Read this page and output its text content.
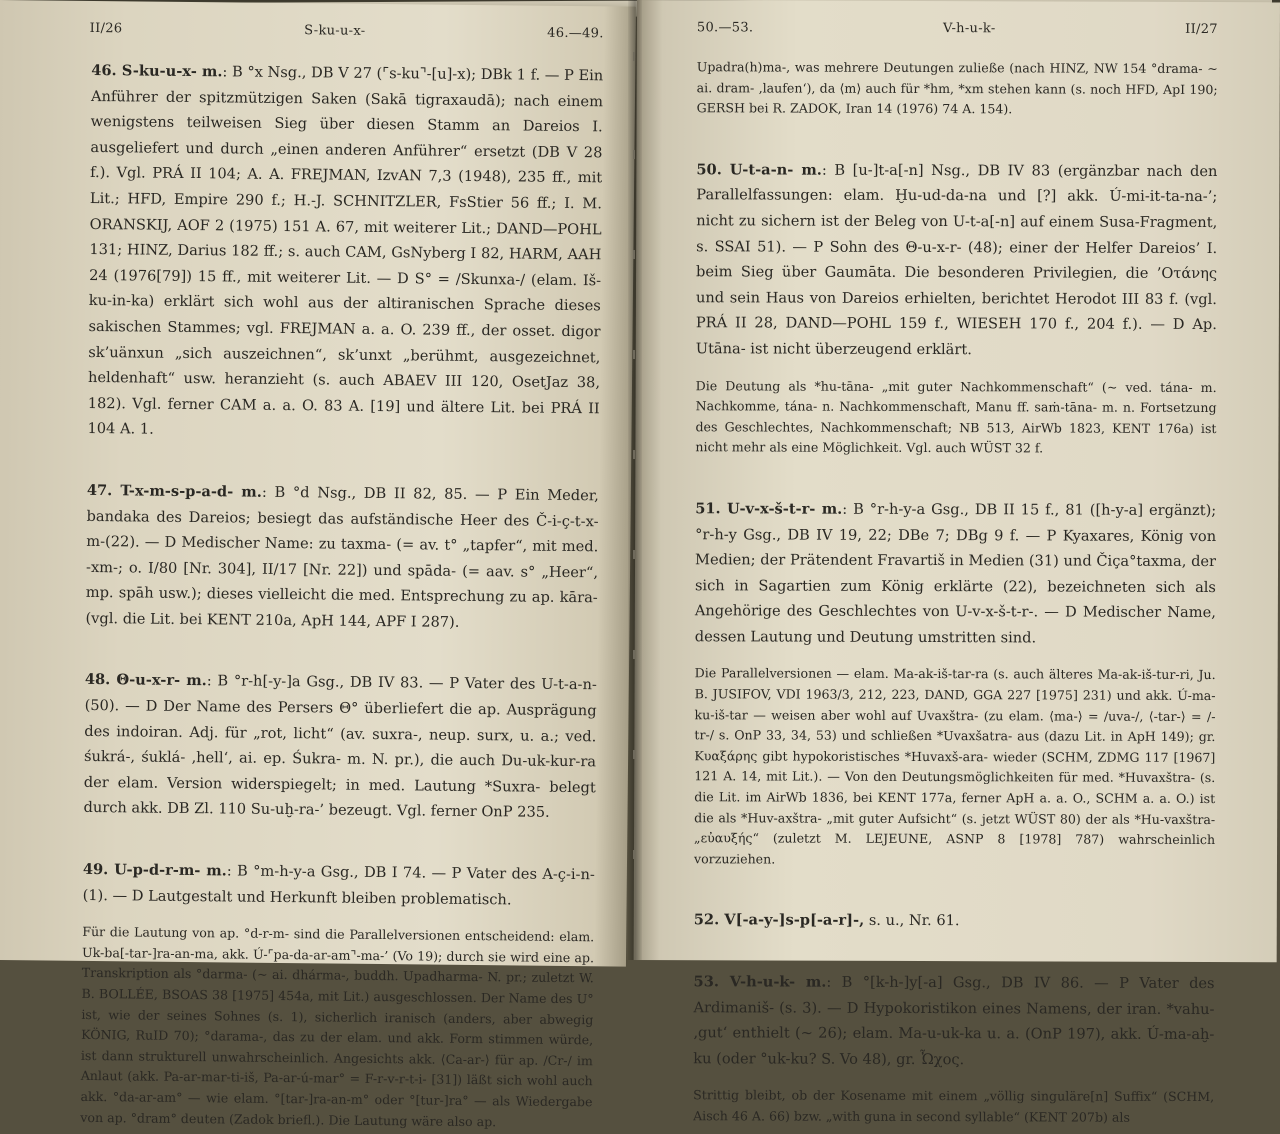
II/26	S-ku-u-x-	46.—49.
46. S-ku-u-x- m.: B °x Nsg., DB V 27 (⌜s-ku⌝-[u]-x); DBk 1 f. — P Ein Anführer der spitzmützigen Saken (Sakā tigraxaudā); nach einem wenigstens teilweisen Sieg über diesen Stamm an Dareios I. ausgeliefert und durch „einen anderen Anführer“ ersetzt (DB V 28 f.). Vgl. PRÁ II 104; A. A. FREJMAN, IzvAN 7,3 (1948), 235 ff., mit Lit.; HFD, Empire 290 f.; H.-J. SCHNITZLER, FsStier 56 ff.; I. M. ORANSKIJ, AOF 2 (1975) 151 A. 67, mit weiterer Lit.; DAND—POHL 131; HINZ, Darius 182 ff.; s. auch CAM, GsNyberg I 82, HARM, AAH 24 (1976[79]) 15 ff., mit weiterer Lit. — D S° = /Skunxa-/ (elam. Iš-ku-in-ka) erklärt sich wohl aus der altiranischen Sprache dieses sakischen Stammes; vgl. FREJMAN a. a. O. 239 ff., der osset. digor sk’uänxun „sich auszeichnen“, sk’unxt „berühmt, ausgezeichnet, heldenhaft“ usw. heranzieht (s. auch ABAEV III 120, OsetJaz 38, 182). Vgl. ferner CAM a. a. O. 83 A. [19] und ältere Lit. bei PRÁ II 104 A. 1.
47. T-x-m-s-p-a-d- m.: B °d Nsg., DB II 82, 85. — P Ein Meder, bandaka des Dareios; besiegt das aufständische Heer des Č-i-ç-t-x-m-(22). — D Medischer Name: zu taxma- (= av. t° „tapfer“, mit med. -xm-; o. I/80 [Nr. 304], II/17 [Nr. 22]) und spāda- (= aav. s° „Heer“, mp. spāh usw.); dieses vielleicht die med. Entsprechung zu ap. kāra- (vgl. die Lit. bei KENT 210a, ApH 144, APF I 287).
48. Θ-u-x-r- m.: B °r-h[-y-]a Gsg., DB IV 83. — P Vater des U-t-a-n-(50). — D Der Name des Persers Θ° überliefert die ap. Ausprägung des indoiran. Adj. für „rot, licht“ (av. suxra-, neup. surx, u. a.; ved. śukrá-, śuklá- ‚hell‘, ai. ep. Śukra- m. N. pr.), die auch Du-uk-kur-ra der elam. Version widerspiegelt; in med. Lautung *Suxra- belegt durch akk. DB Zl. 110 Su-uḫ-ra-’ bezeugt. Vgl. ferner OnP 235.
49. U-p-d-r-m- m.: B °m-h-y-a Gsg., DB I 74. — P Vater des A-ç-i-n-(1). — D Lautgestalt und Herkunft bleiben problematisch.
Für die Lautung von ap. °d-r-m- sind die Parallelversionen entscheidend: elam. Uk-ba[-tar-]ra-an-ma, akk. Ú-⌜pa-da-ar-am⌝-ma-’ (Vo 19); durch sie wird eine ap. Transkription als °darma- (~ ai. dhárma-, buddh. Upadharma- N. pr.; zuletzt W. B. BOLLÉE, BSOAS 38 [1975] 454a, mit Lit.) ausgeschlossen. Der Name des U° ist, wie der seines Sohnes (s. 1), sicherlich iranisch (anders, aber abwegig KÖNIG, RuID 70); °darama-, das zu der elam. und akk. Form stimmen würde, ist dann strukturell unwahrscheinlich. Angesichts akk. ⟨Ca-ar-⟩ für ap. /Cr-/ im Anlaut (akk. Pa-ar-mar-ti-iš, Pa-ar-ú-mar° = F-r-v-r-t-i- [31]) läßt sich wohl auch akk. °da-ar-am° — wie elam. °[tar-]ra-an-m° oder °[tur-]ra° — als Wiedergabe von ap. °dram° deuten (Zadok briefl.). Die Lautung wäre also ap.
50.—53.	V-h-u-k-	II/27
Upadra(h)ma-, was mehrere Deutungen zuließe (nach HINZ, NW 154 °drama- ~ ai. dram- ‚laufen‘), da ⟨m⟩ auch für *hm, *xm stehen kann (s. noch HFD, ApI 190; GERSH bei R. ZADOK, Iran 14 (1976) 74 A. 154).
50. U-t-a-n- m.: B [u-]t-a[-n] Nsg., DB IV 83 (ergänzbar nach den Parallelfassungen: elam. Ḫu-ud-da-na und [?] akk. Ú-mi-it-ta-na-’; nicht zu sichern ist der Beleg von U-t-a[-n] auf einem Susa-Fragment, s. SSAI 51). — P Sohn des Θ-u-x-r- (48); einer der Helfer Dareios’ I. beim Sieg über Gaumāta. Die besonderen Privilegien, die ’Οτάνης und sein Haus von Dareios erhielten, berichtet Herodot III 83 f. (vgl. PRÁ II 28, DAND—POHL 159 f., WIESEH 170 f., 204 f.). — D Ap. Utāna- ist nicht überzeugend erklärt.
Die Deutung als *hu-tāna- „mit guter Nachkommenschaft“ (~ ved. tána- m. Nachkomme, tána- n. Nachkommenschaft, Manu ff. saṁ-tāna- m. n. Fortsetzung des Geschlechtes, Nachkommenschaft; NB 513, AirWb 1823, KENT 176a) ist nicht mehr als eine Möglichkeit. Vgl. auch WÜST 32 f.
51. U-v-x-š-t-r- m.: B °r-h-y-a Gsg., DB II 15 f., 81 ([h-y-a] ergänzt); °r-h-y Gsg., DB IV 19, 22; DBe 7; DBg 9 f. — P Kyaxares, König von Medien; der Prätendent Fravartiš in Medien (31) und Čiça°taxma, der sich in Sagartien zum König erklärte (22), bezeichneten sich als Angehörige des Geschlechtes von U-v-x-š-t-r-. — D Medischer Name, dessen Lautung und Deutung umstritten sind.
Die Parallelversionen — elam. Ma-ak-iš-tar-ra (s. auch älteres Ma-ak-iš-tur-ri, Ju. B. JUSIFOV, VDI 1963/3, 212, 223, DAND, GGA 227 [1975] 231) und akk. Ú-ma-ku-iš-tar — weisen aber wohl auf Uvaxštra- (zu elam. ⟨ma-⟩ = /uva-/, ⟨-tar-⟩ = /-tr-/ s. OnP 33, 34, 53) und schließen *Uvaxšatra- aus (dazu Lit. in ApH 149); gr. Κυαξάρης gibt hypokoristisches *Huvaxš-ara- wieder (SCHM, ZDMG 117 [1967] 121 A. 14, mit Lit.). — Von den Deutungsmöglichkeiten für med. *Huvaxštra- (s. die Lit. im AirWb 1836, bei KENT 177a, ferner ApH a. a. O., SCHM a. a. O.) ist die als *Huv-axštra- „mit guter Aufsicht“ (s. jetzt WÜST 80) der als *Hu-vaxštra- „εὐαυξής“ (zuletzt M. LEJEUNE, ASNP 8 [1978] 787) wahrscheinlich vorzuziehen.
52. V[-a-y-]s-p[-a-r]-, s. u., Nr. 61.
53. V-h-u-k- m.: B °[k-h-]y[-a] Gsg., DB IV 86. — P Vater des Ardimaniš- (s. 3). — D Hypokoristikon eines Namens, der iran. *vahu- ‚gut‘ enthielt (~ 26); elam. Ma-u-uk-ka u. a. (OnP 197), akk. Ú-ma-aḫ-ku (oder °uk-ku? S. Vo 48), gr. Ὦχος.
Strittig bleibt, ob der Kosename mit einem „völlig singuläre[n] Suffix“ (SCHM, Aisch 46 A. 66) bzw. „with guna in second syllable“ (KENT 207b) als
